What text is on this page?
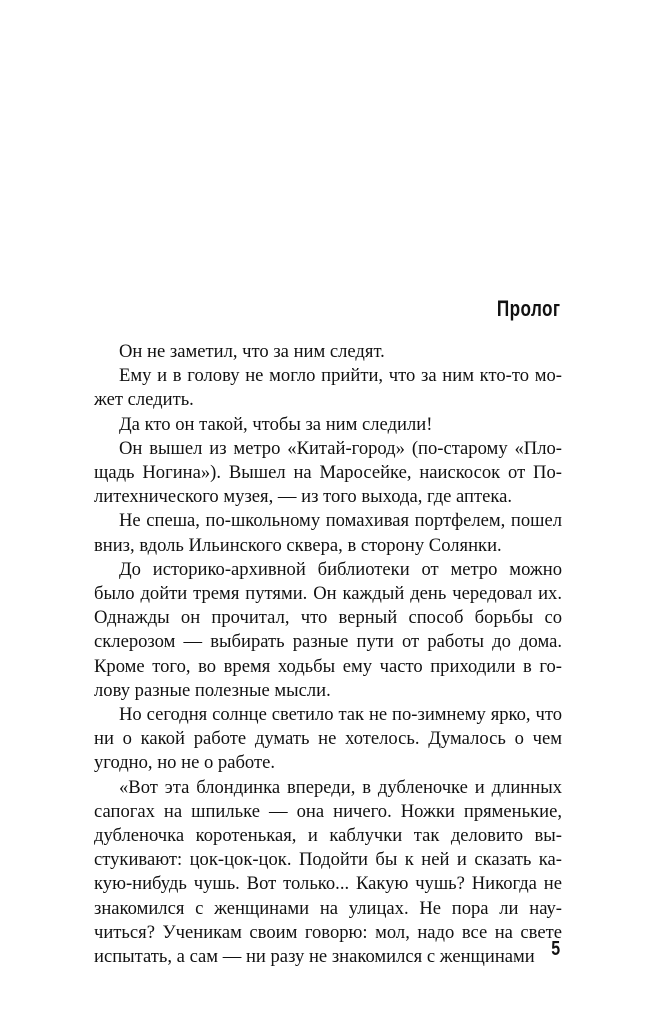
Пролог

Он не заметил, что за ним следят.

Ему и в голову не могло прийти, что за ним кто-то может следить.

Да кто он такой, чтобы за ним следили!

Он вышел из метро «Китай-город» (по-старому «Площадь Ногина»). Вышел на Маросейке, наискосок от Политехнического музея, — из того выхода, где аптека.

Не спеша, по-школьному помахивая портфелем, пошел вниз, вдоль Ильинского сквера, в сторону Солянки.

До историко-архивной библиотеки от метро можно было дойти тремя путями. Он каждый день чередовал их. Однажды он прочитал, что верный способ борьбы со склерозом — выбирать разные пути от работы до дома. Кроме того, во время ходьбы ему часто приходили в голову разные полезные мысли.

Но сегодня солнце светило так не по-зимнему ярко, что ни о какой работе думать не хотелось. Думалось о чем угодно, но не о работе.

«Вот эта блондинка впереди, в дубленочке и длинных сапогах на шпильке — она ничего. Ножки пряменькие, дубленочка коротенькая, и каблучки так деловито выстукивают: цок-цок-цок. Подойти бы к ней и сказать какую-нибудь чушь. Вот только... Какую чушь? Никогда не знакомился с женщинами на улицах. Не пора ли научиться? Ученикам своим говорю: мол, надо все на свете испытать, а сам — ни разу не знакомился с женщинами 5
